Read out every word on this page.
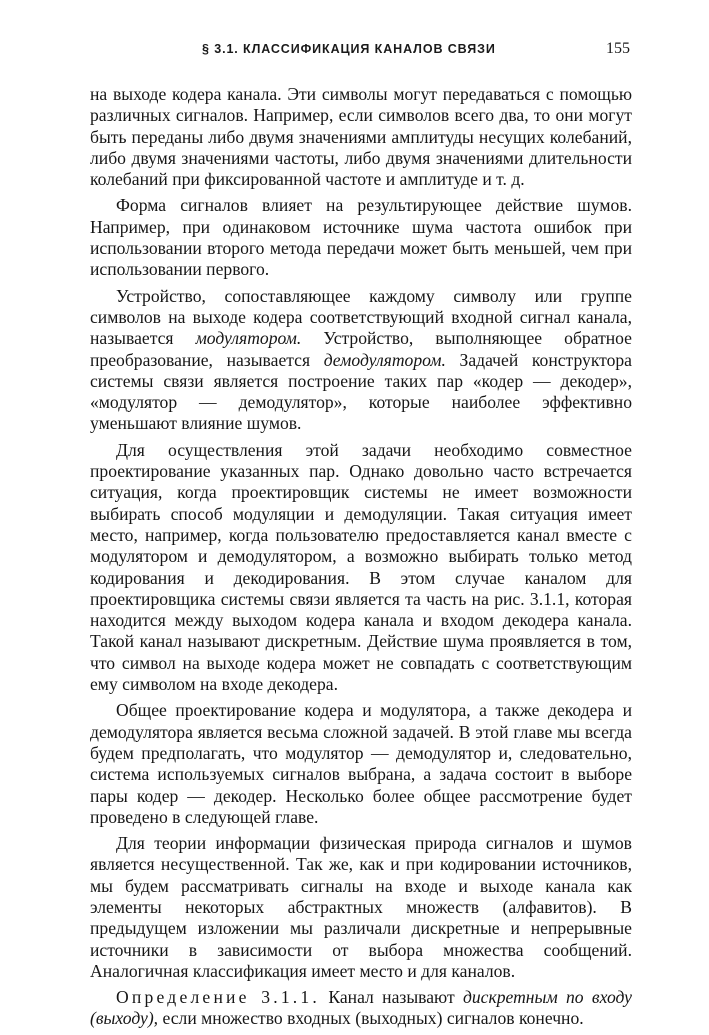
§ 3.1. КЛАССИФИКАЦИЯ КАНАЛОВ СВЯЗИ	155

на выходе кодера канала. Эти символы могут передаваться с помощью различных сигналов. Например, если символов всего два, то они могут быть переданы либо двумя значениями амплитуды несущих колебаний, либо двумя значениями частоты, либо двумя значениями длительности колебаний при фиксированной частоте и амплитуде и т. д.

Форма сигналов влияет на результирующее действие шумов. Например, при одинаковом источнике шума частота ошибок при использовании второго метода передачи может быть меньшей, чем при использовании первого.

Устройство, сопоставляющее каждому символу или группе символов на выходе кодера соответствующий входной сигнал канала, называется модулятором. Устройство, выполняющее обратное преобразование, называется демодулятором. Задачей конструктора системы связи является построение таких пар «кодер — декодер», «модулятор — демодулятор», которые наиболее эффективно уменьшают влияние шумов.

Для осуществления этой задачи необходимо совместное проектирование указанных пар. Однако довольно часто встречается ситуация, когда проектировщик системы не имеет возможности выбирать способ модуляции и демодуляции. Такая ситуация имеет место, например, когда пользователю предоставляется канал вместе с модулятором и демодулятором, а возможно выбирать только метод кодирования и декодирования. В этом случае каналом для проектировщика системы связи является та часть на рис. 3.1.1, которая находится между выходом кодера канала и входом декодера канала. Такой канал называют дискретным. Действие шума проявляется в том, что символ на выходе кодера может не совпадать с соответствующим ему символом на входе декодера.

Общее проектирование кодера и модулятора, а также декодера и демодулятора является весьма сложной задачей. В этой главе мы всегда будем предполагать, что модулятор — демодулятор и, следовательно, система используемых сигналов выбрана, а задача состоит в выборе пары кодер — декодер. Несколько более общее рассмотрение будет проведено в следующей главе.

Для теории информации физическая природа сигналов и шумов является несущественной. Так же, как и при кодировании источников, мы будем рассматривать сигналы на входе и выходе канала как элементы некоторых абстрактных множеств (алфавитов). В предыдущем изложении мы различали дискретные и непрерывные источники в зависимости от выбора множества сообщений. Аналогичная классификация имеет место и для каналов.

Определение 3.1.1. Канал называют дискретным по входу (выходу), если множество входных (выходных) сигналов конечно.
